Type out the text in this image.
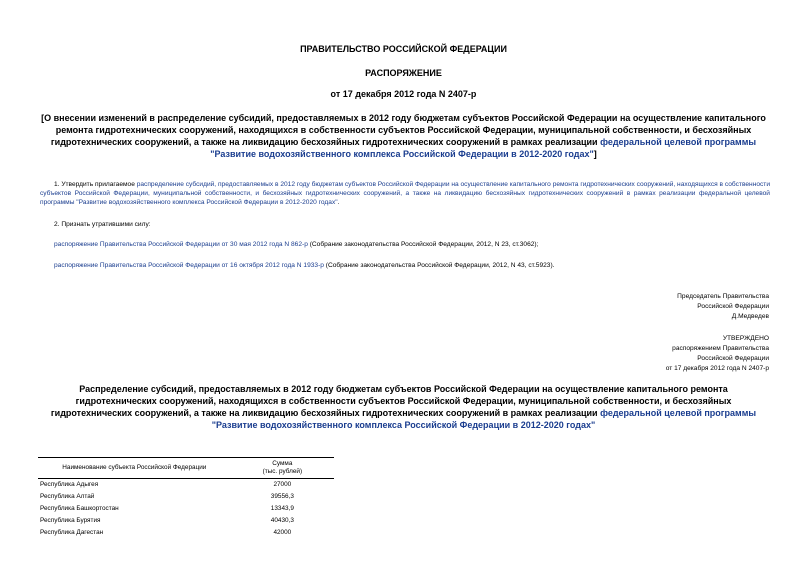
ПРАВИТЕЛЬСТВО РОССИЙСКОЙ ФЕДЕРАЦИИ
РАСПОРЯЖЕНИЕ
от 17 декабря 2012 года N 2407-р
[О внесении изменений в распределение субсидий, предоставляемых в 2012 году бюджетам субъектов Российской Федерации на осуществление капитального ремонта гидротехнических сооружений, находящихся в собственности субъектов Российской Федерации, муниципальной собственности, и бесхозяйных гидротехнических сооружений, а также на ликвидацию бесхозяйных гидротехнических сооружений в рамках реализации федеральной целевой программы "Развитие водохозяйственного комплекса Российской Федерации в 2012-2020 годах"]
1. Утвердить прилагаемое распределение субсидий, предоставляемых в 2012 году бюджетам субъектов Российской Федерации на осуществление капитального ремонта гидротехнических сооружений, находящихся в собственности субъектов Российской Федерации, муниципальной собственности, и бесхозяйных гидротехнических сооружений, а также на ликвидацию бесхозяйных гидротехнических сооружений в рамках реализации федеральной целевой программы "Развитие водохозяйственного комплекса Российской Федерации в 2012-2020 годах".
2. Признать утратившими силу:
распоряжение Правительства Российской Федерации от 30 мая 2012 года N 862-р (Собрание законодательства Российской Федерации, 2012, N 23, ст.3062);
распоряжение Правительства Российской Федерации от 16 октября 2012 года N 1933-р (Собрание законодательства Российской Федерации, 2012, N 43, ст.5923).
Председатель Правительства
Российской Федерации
Д.Медведев
УТВЕРЖДЕНО
распоряжением Правительства
Российской Федерации
от 17 декабря 2012 года N 2407-р
Распределение субсидий, предоставляемых в 2012 году бюджетам субъектов Российской Федерации на осуществление капитального ремонта гидротехнических сооружений, находящихся в собственности субъектов Российской Федерации, муниципальной собственности, и бесхозяйных гидротехнических сооружений, а также на ликвидацию бесхозяйных гидротехнических сооружений в рамках реализации федеральной целевой программы "Развитие водохозяйственного комплекса Российской Федерации в 2012-2020 годах"
Наименование субъекта Российской Федерации	Сумма
(тыс. рублей)

Республика Адыгея	27000
Республика Алтай	39556,3
Республика Башкортостан	13343,9
Республика Бурятия	40430,3
Республика Дагестан	42000
